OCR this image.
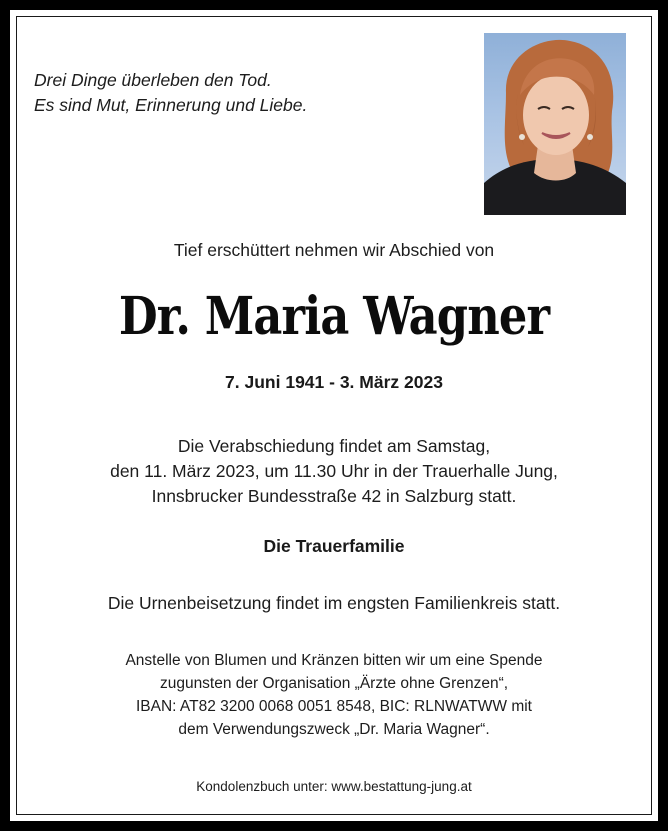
Drei Dinge überleben den Tod.
Es sind Mut, Erinnerung und Liebe.
Tief erschüttert nehmen wir Abschied von
Dr. Maria Wagner
7. Juni 1941 - 3. März 2023
Die Verabschiedung findet am Samstag,
den 11. März 2023, um 11.30 Uhr in der Trauerhalle Jung,
Innsbrucker Bundesstraße 42 in Salzburg statt.
Die Trauerfamilie
Die Urnenbeisetzung findet im engsten Familienkreis statt.
Anstelle von Blumen und Kränzen bitten wir um eine Spende
zugunsten der Organisation „Ärzte ohne Grenzen“,
IBAN: AT82 3200 0068 0051 8548, BIC: RLNWATWW mit
dem Verwendungszweck „Dr. Maria Wagner“.
Kondolenzbuch unter: www.bestattung-jung.at
